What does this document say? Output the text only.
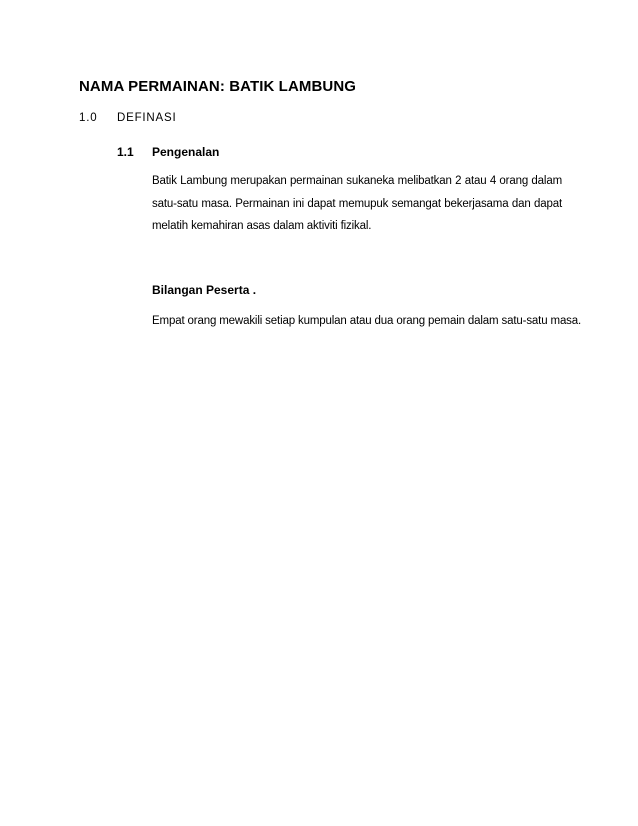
NAMA PERMAINAN: BATIK LAMBUNG
1.0 DEFINASI
1.1 Pengenalan
Batik Lambung merupakan permainan sukaneka melibatkan 2 atau 4 orang dalam satu-satu masa. Permainan ini dapat memupuk semangat bekerjasama dan dapat melatih kemahiran asas dalam aktiviti fizikal.
Bilangan Peserta .
Empat orang mewakili setiap kumpulan atau dua orang pemain dalam satu-satu masa.
